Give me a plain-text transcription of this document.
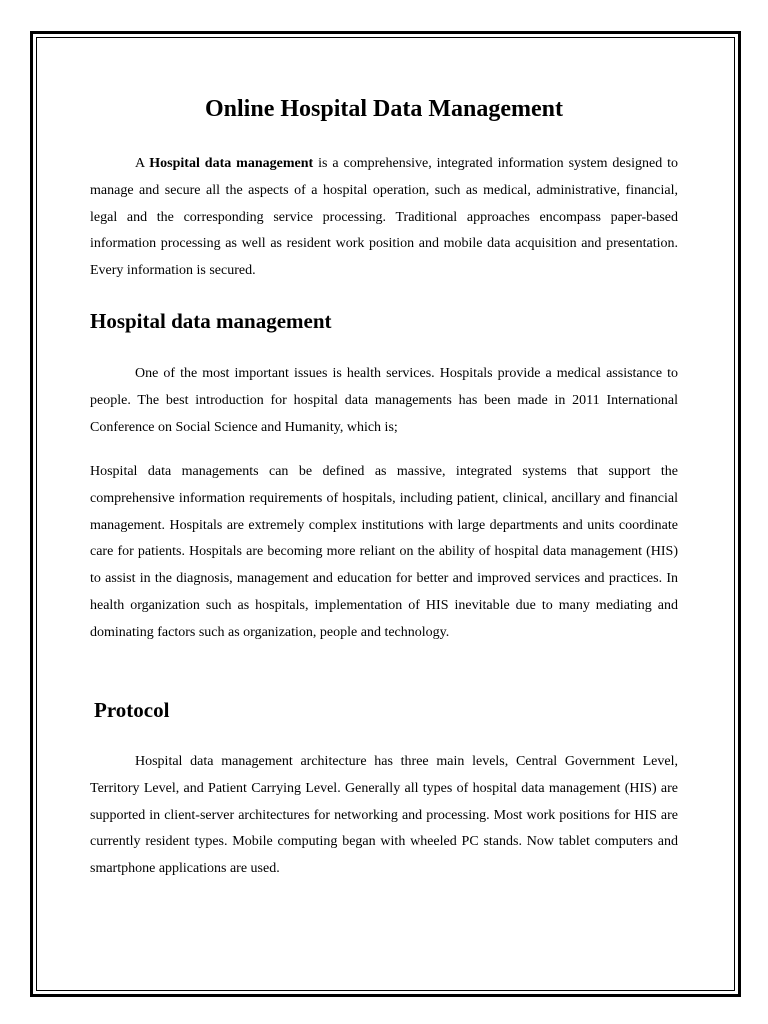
Online Hospital Data Management

A Hospital data management is a comprehensive, integrated information system designed to manage and secure all the aspects of a hospital operation, such as medical, administrative, financial, legal and the corresponding service processing. Traditional approaches encompass paper-based information processing as well as resident work position and mobile data acquisition and presentation. Every information is secured.

Hospital data management

One of the most important issues is health services. Hospitals provide a medical assistance to people. The best introduction for hospital data managements has been made in 2011 International Conference on Social Science and Humanity, which is;

Hospital data managements can be defined as massive, integrated systems that support the comprehensive information requirements of hospitals, including patient, clinical, ancillary and financial management. Hospitals are extremely complex institutions with large departments and units coordinate care for patients. Hospitals are becoming more reliant on the ability of hospital data management (HIS) to assist in the diagnosis, management and education for better and improved services and practices. In health organization such as hospitals, implementation of HIS inevitable due to many mediating and dominating factors such as organization, people and technology.

Protocol

Hospital data management architecture has three main levels, Central Government Level, Territory Level, and Patient Carrying Level. Generally all types of hospital data management (HIS) are supported in client-server architectures for networking and processing. Most work positions for HIS are currently resident types. Mobile computing began with wheeled PC stands. Now tablet computers and smartphone applications are used.
